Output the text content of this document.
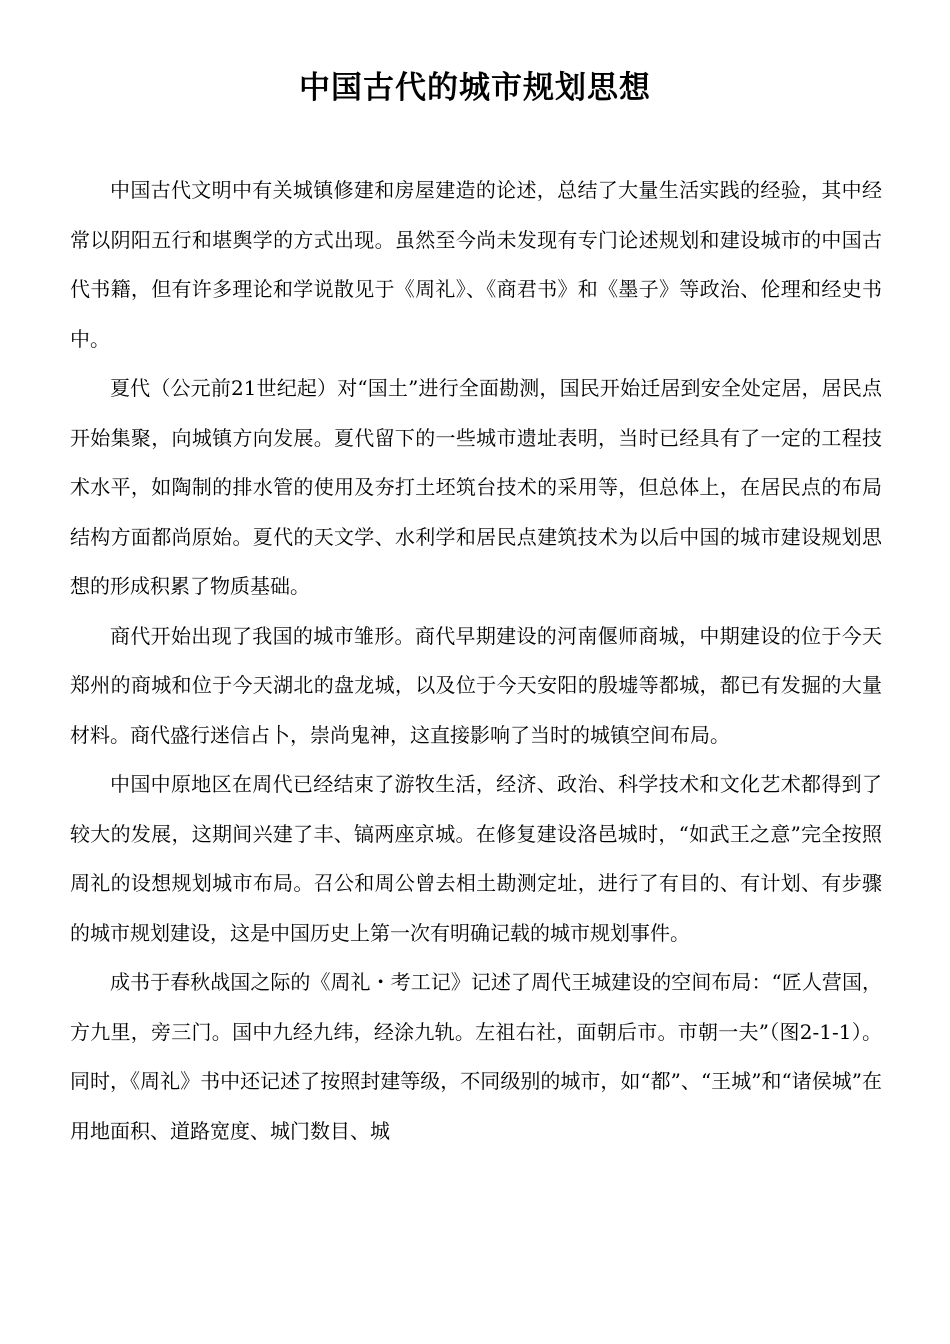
中国古代的城市规划思想

中国古代文明中有关城镇修建和房屋建造的论述，总结了大量生活实践的经验，其中经常以阴阳五行和堪舆学的方式出现。虽然至今尚未发现有专门论述规划和建设城市的中国古代书籍，但有许多理论和学说散见于《周礼》、《商君书》和《墨子》等政治、伦理和经史书中。

夏代（公元前21世纪起）对“国土”进行全面勘测，国民开始迁居到安全处定居，居民点开始集聚，向城镇方向发展。夏代留下的一些城市遗址表明，当时已经具有了一定的工程技术水平，如陶制的排水管的使用及夯打土坯筑台技术的采用等，但总体上，在居民点的布局结构方面都尚原始。夏代的天文学、水利学和居民点建筑技术为以后中国的城市建设规划思想的形成积累了物质基础。

商代开始出现了我国的城市雏形。商代早期建设的河南偃师商城，中期建设的位于今天郑州的商城和位于今天湖北的盘龙城，以及位于今天安阳的殷墟等都城，都已有发掘的大量材料。商代盛行迷信占卜，崇尚鬼神，这直接影响了当时的城镇空间布局。

中国中原地区在周代已经结束了游牧生活，经济、政治、科学技术和文化艺术都得到了较大的发展，这期间兴建了丰、镐两座京城。在修复建设洛邑城时，“如武王之意”完全按照周礼的设想规划城市布局。召公和周公曾去相土勘测定址，进行了有目的、有计划、有步骤的城市规划建设，这是中国历史上第一次有明确记载的城市规划事件。

成书于春秋战国之际的《周礼・考工记》记述了周代王城建设的空间布局：“匠人营国，方九里，旁三门。国中九经九纬，经涂九轨。左祖右社，面朝后市。市朝一夫”（图2-1-1）。同时，《周礼》书中还记述了按照封建等级，不同级别的城市，如“都”、“王城”和“诸侯城”在用地面积、道路宽度、城门数目、城
